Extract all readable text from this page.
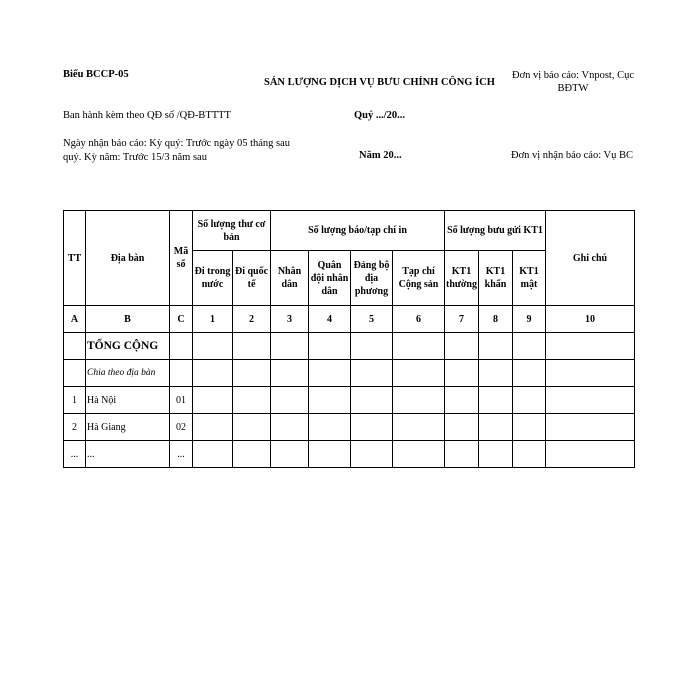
Biểu BCCP-05
SẢN LƯỢNG DỊCH VỤ BƯU CHÍNH CÔNG ÍCH
Đơn vị báo cáo: Vnpost, Cục BĐTW
Ban hành kèm theo QĐ số /QĐ-BTTTT	Quý .../20...
Ngày nhận báo cáo: Kỳ quý: Trước ngày 05 tháng sau quý. Kỳ năm: Trước 15/3 năm sau	Năm 20...	Đơn vị nhận báo cáo: Vụ BC
TT	Địa bàn	Mã số	Số lượng thư cơ bản		Số lượng báo/tạp chí in				Số lượng bưu gửi KT1			Ghi chú
			Đi trong nước	Đi quốc tế	Nhân dân	Quân đội nhân dân	Đảng bộ địa phương	Tạp chí Cộng sản	KT1 thường	KT1 khẩn	KT1 mật	
A	B	C	1	2	3	4	5	6	7	8	9	10
	TỔNG CỘNG											
	Chia theo địa bàn											
1	Hà Nội	01										
2	Hà Giang	02										
...	...	...										
